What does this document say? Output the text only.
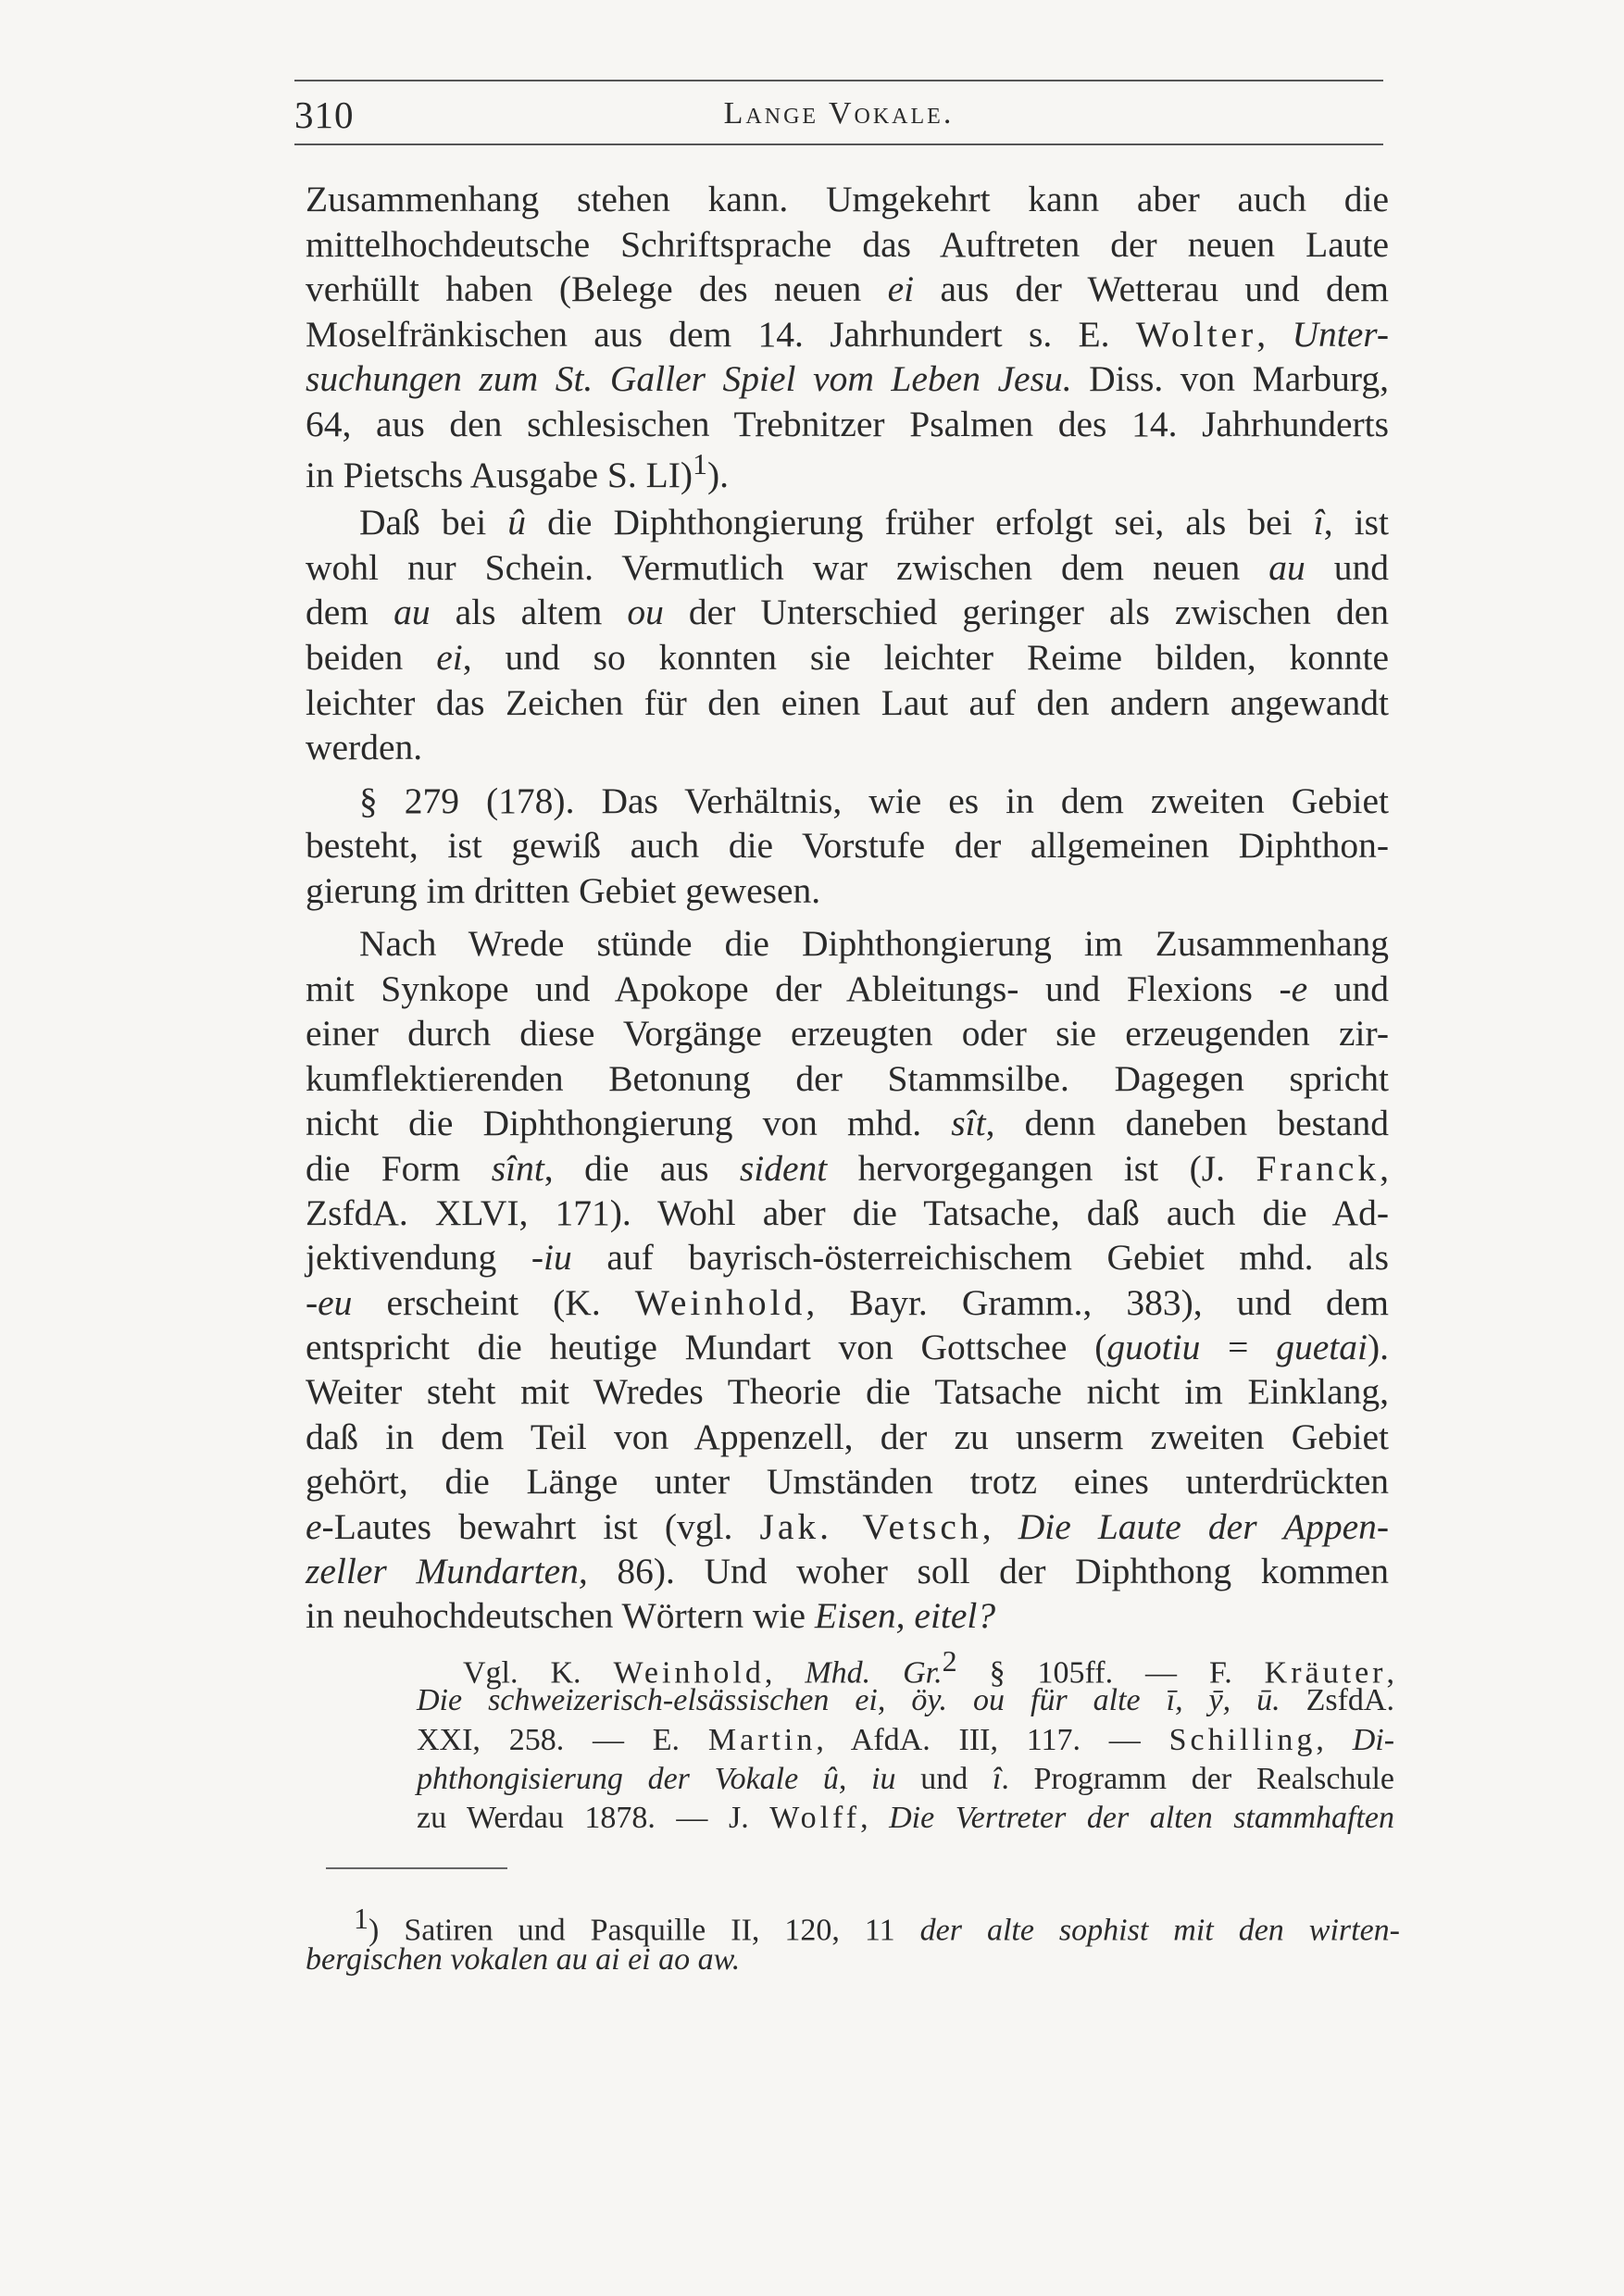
310	Lange Vokale.
Zusammenhang stehen kann. Umgekehrt kann aber auch die
mittelhochdeutsche Schriftsprache das Auftreten der neuen Laute
verhüllt haben (Belege des neuen ei aus der Wetterau und dem
Moselfränkischen aus dem 14. Jahrhundert s. E. Wolter, Unter-
suchungen zum St. Galler Spiel vom Leben Jesu. Diss. von Marburg,
64, aus den schlesischen Trebnitzer Psalmen des 14. Jahrhunderts
in Pietschs Ausgabe S. LI)$^1$).
Daß bei û die Diphthongierung früher erfolgt sei, als bei î, ist
wohl nur Schein. Vermutlich war zwischen dem neuen au und
dem au als altem ou der Unterschied geringer als zwischen den
beiden ei, und so konnten sie leichter Reime bilden, konnte
leichter das Zeichen für den einen Laut auf den andern angewandt
werden.
§ 279 (178). Das Verhältnis, wie es in dem zweiten Gebiet
besteht, ist gewiß auch die Vorstufe der allgemeinen Diphthon-
gierung im dritten Gebiet gewesen.
Nach Wrede stünde die Diphthongierung im Zusammenhang
mit Synkope und Apokope der Ableitungs- und Flexions -e und
einer durch diese Vorgänge erzeugten oder sie erzeugenden zir-
kumflektierenden Betonung der Stammsilbe. Dagegen spricht
nicht die Diphthongierung von mhd. sît, denn daneben bestand
die Form sînt, die aus sident hervorgegangen ist (J. Franck,
ZsfdA. XLVI, 171). Wohl aber die Tatsache, daß auch die Ad-
jektivendung -iu auf bayrisch-österreichischem Gebiet mhd. als
-eu erscheint (K. Weinhold, Bayr. Gramm., 383), und dem
entspricht die heutige Mundart von Gottschee (guotiu = guetai).
Weiter steht mit Wredes Theorie die Tatsache nicht im Einklang,
daß in dem Teil von Appenzell, der zu unserm zweiten Gebiet
gehört, die Länge unter Umständen trotz eines unterdrückten
e-Lautes bewahrt ist (vgl. Jak. Vetsch, Die Laute der Appen-
zeller Mundarten, 86). Und woher soll der Diphthong kommen
in neuhochdeutschen Wörtern wie Eisen, eitel?
Vgl. K. Weinhold, Mhd. Gr.$^2$ § 105ff. — F. Kräuter,
Die schweizerisch-elsässischen ei, öy. ou für alte ī, ȳ, ū. ZsfdA.
XXI, 258. — E. Martin, AfdA. III, 117. — Schilling, Di-
phthongisierung der Vokale û, iu und î. Programm der Realschule
zu Werdau 1878. — J. Wolff, Die Vertreter der alten stammhaften
$^1$) Satiren und Pasquille II, 120, 11 der alte sophist mit den wirten-
bergischen vokalen au ai ei ao aw.
